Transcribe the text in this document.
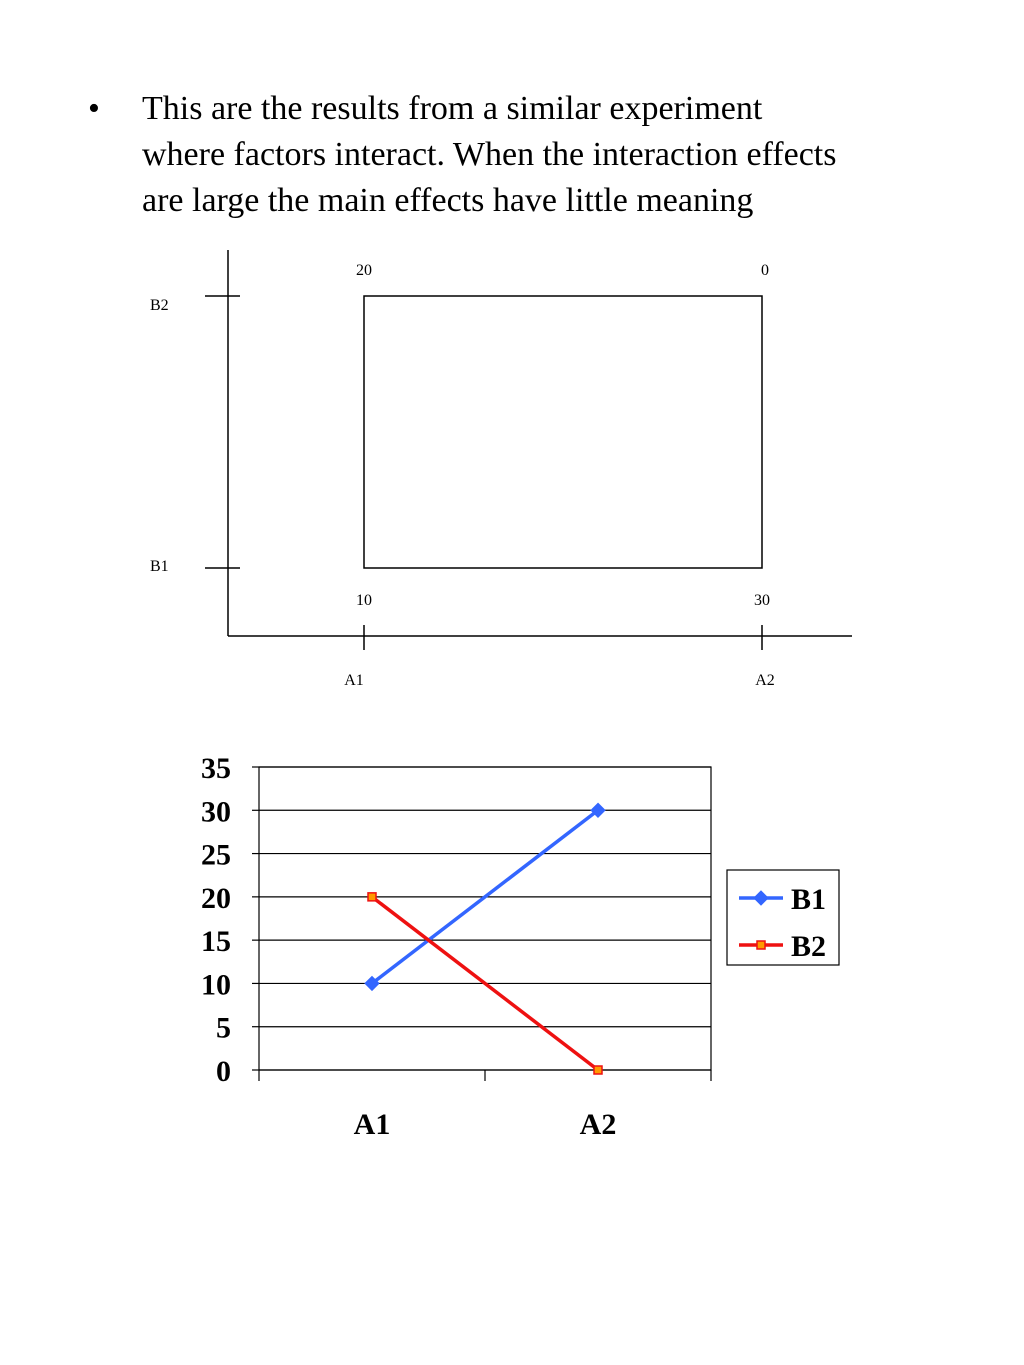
• This are the results from a similar experiment
where factors interact. When the interaction effects
are large the main effects have little meaning
B2
B1
A1	A2
20	0
10	30
0
5
10
15
20
25
30
35
A1	A2
B1
B2
